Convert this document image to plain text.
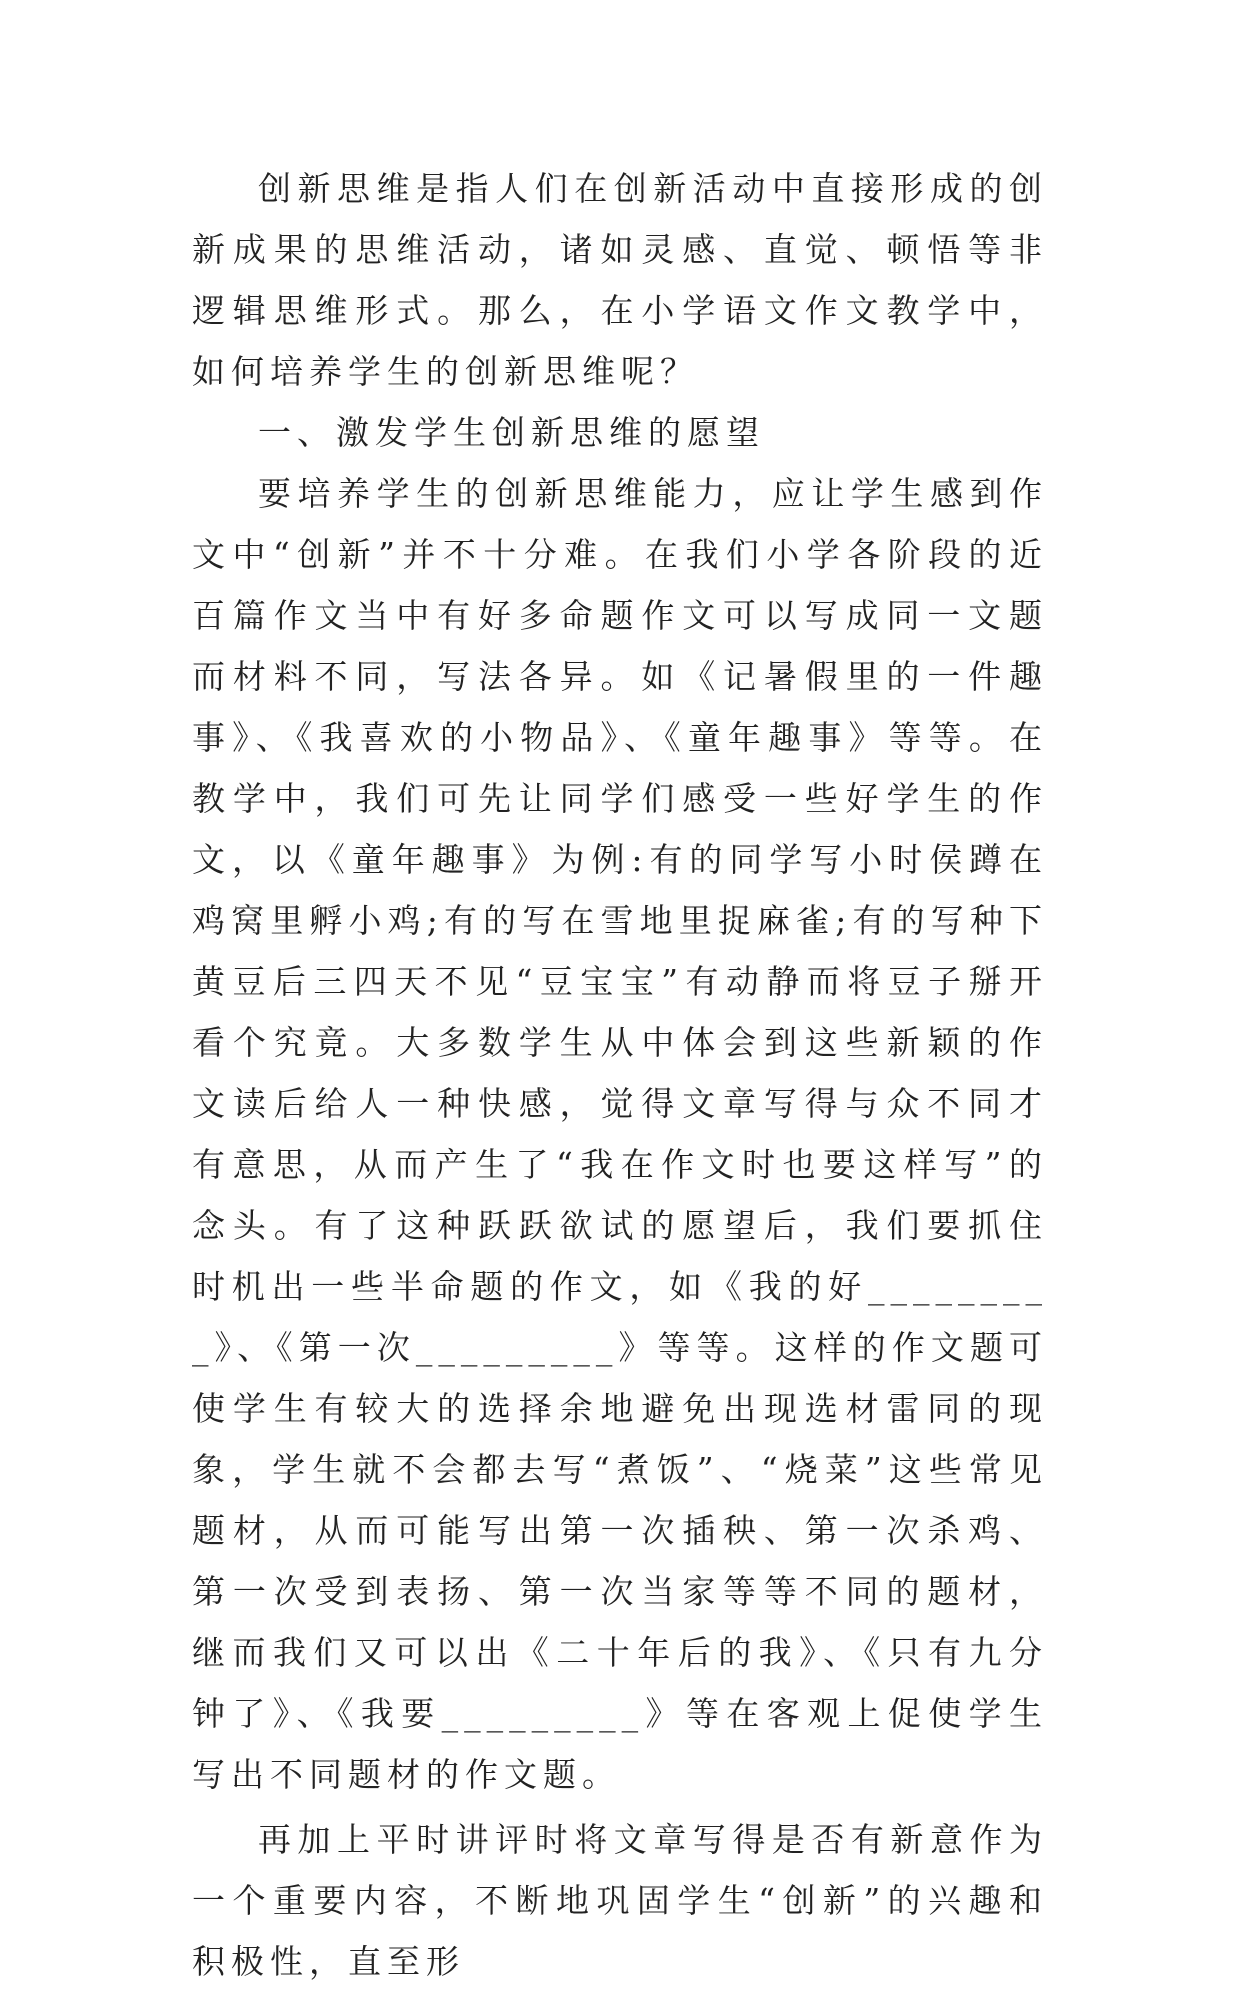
创新思维是指人们在创新活动中直接形成的创新成果的思维活动，诸如灵感、直觉、顿悟等非逻辑思维形式。那么，在小学语文作文教学中，如何培养学生的创新思维呢？

一、激发学生创新思维的愿望

要培养学生的创新思维能力，应让学生感到作文中“创新”并不十分难。在我们小学各阶段的近百篇作文当中有好多命题作文可以写成同一文题而材料不同，写法各异。如《记暑假里的一件趣事》、《我喜欢的小物品》、《童年趣事》等等。在教学中，我们可先让同学们感受一些好学生的作文，以《童年趣事》为例:有的同学写小时侯蹲在鸡窝里孵小鸡;有的写在雪地里捉麻雀;有的写种下黄豆后三四天不见“豆宝宝”有动静而将豆子掰开看个究竟。大多数学生从中体会到这些新颖的作文读后给人一种快感，觉得文章写得与众不同才有意思，从而产生了“我在作文时也要这样写”的念头。有了这种跃跃欲试的愿望后，我们要抓住时机出一些半命题的作文，如《我的好_________》、《第一次_________》等等。这样的作文题可使学生有较大的选择余地避免出现选材雷同的现象，学生就不会都去写“煮饭”、“烧菜”这些常见题材，从而可能写出第一次插秧、第一次杀鸡、第一次受到表扬、第一次当家等等不同的题材，继而我们又可以出《二十年后的我》、《只有九分钟了》、《我要_________》等在客观上促使学生写出不同题材的作文题。

再加上平时讲评时将文章写得是否有新意作为一个重要内容，不断地巩固学生“创新”的兴趣和积极性，直至形
